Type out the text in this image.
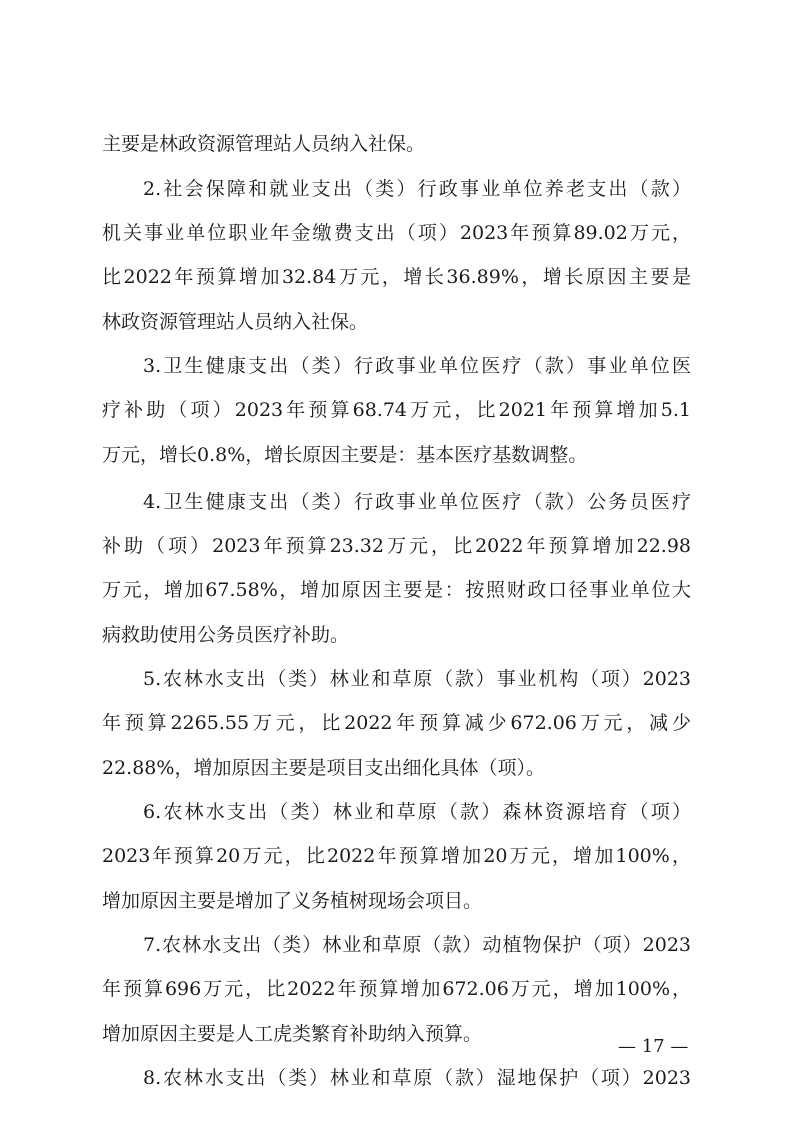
主要是林政资源管理站人员纳入社保。
2.社会保障和就业支出（类）行政事业单位养老支出（款）
机关事业单位职业年金缴费支出（项）2023年预算89.02万元，
比2022年预算增加32.84万元，增长36.89%，增长原因主要是
林政资源管理站人员纳入社保。
3.卫生健康支出（类）行政事业单位医疗（款）事业单位医
疗补助（项）2023年预算68.74万元，比2021年预算增加5.1
万元，增长0.8%，增长原因主要是：基本医疗基数调整。
4.卫生健康支出（类）行政事业单位医疗（款）公务员医疗
补助（项）2023年预算23.32万元，比2022年预算增加22.98
万元，增加67.58%，增加原因主要是：按照财政口径事业单位大
病救助使用公务员医疗补助。
5.农林水支出（类）林业和草原（款）事业机构（项）2023
年预算2265.55万元，比2022年预算减少672.06万元，减少
22.88%，增加原因主要是项目支出细化具体（项）。
6.农林水支出（类）林业和草原（款）森林资源培育（项）
2023年预算20万元，比2022年预算增加20万元，增加100%，
增加原因主要是增加了义务植树现场会项目。
7.农林水支出（类）林业和草原（款）动植物保护（项）2023
年预算696万元，比2022年预算增加672.06万元，增加100%，
增加原因主要是人工虎类繁育补助纳入预算。
8.农林水支出（类）林业和草原（款）湿地保护（项）2023
— 17 —
